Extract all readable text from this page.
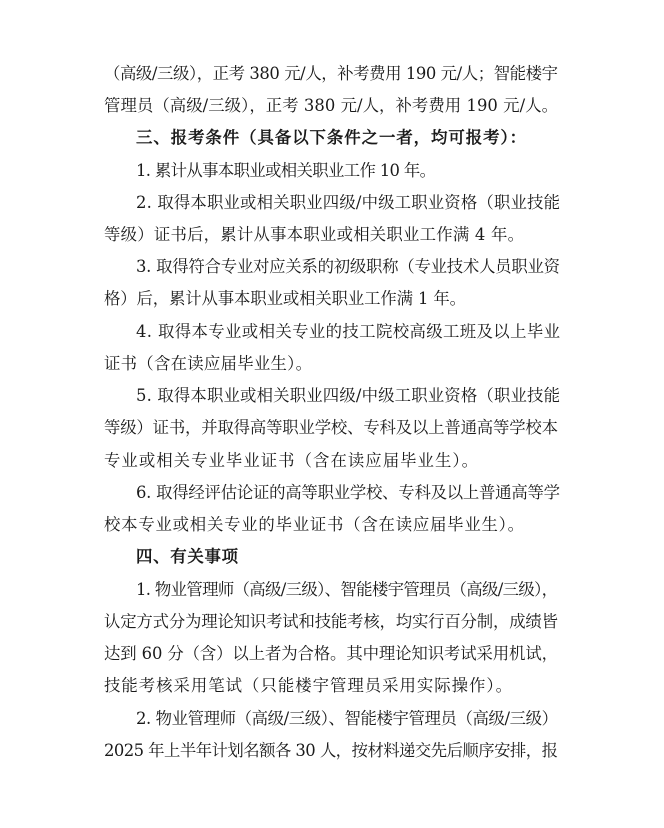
（高级/三级），正考 380 元/人，补考费用 190 元/人；智能楼宇
管理员（高级/三级），正考 380 元/人，补考费用 190 元/人。
三、报考条件（具备以下条件之一者，均可报考）：
1. 累计从事本职业或相关职业工作 10 年。
2. 取得本职业或相关职业四级/中级工职业资格（职业技能
等级）证书后，累计从事本职业或相关职业工作满 4 年。
3. 取得符合专业对应关系的初级职称（专业技术人员职业资
格）后，累计从事本职业或相关职业工作满 1 年。
4. 取得本专业或相关专业的技工院校高级工班及以上毕业
证书（含在读应届毕业生）。
5. 取得本职业或相关职业四级/中级工职业资格（职业技能
等级）证书，并取得高等职业学校、专科及以上普通高等学校本
专业或相关专业毕业证书（含在读应届毕业生）。
6. 取得经评估论证的高等职业学校、专科及以上普通高等学
校本专业或相关专业的毕业证书（含在读应届毕业生）。
四、有关事项
1. 物业管理师（高级/三级）、智能楼宇管理员（高级/三级），
认定方式分为理论知识考试和技能考核，均实行百分制，成绩皆
达到 60 分（含）以上者为合格。其中理论知识考试采用机试，
技能考核采用笔试（只能楼宇管理员采用实际操作）。
2. 物业管理师（高级/三级）、智能楼宇管理员（高级/三级）
2025 年上半年计划名额各 30 人，按材料递交先后顺序安排，报
